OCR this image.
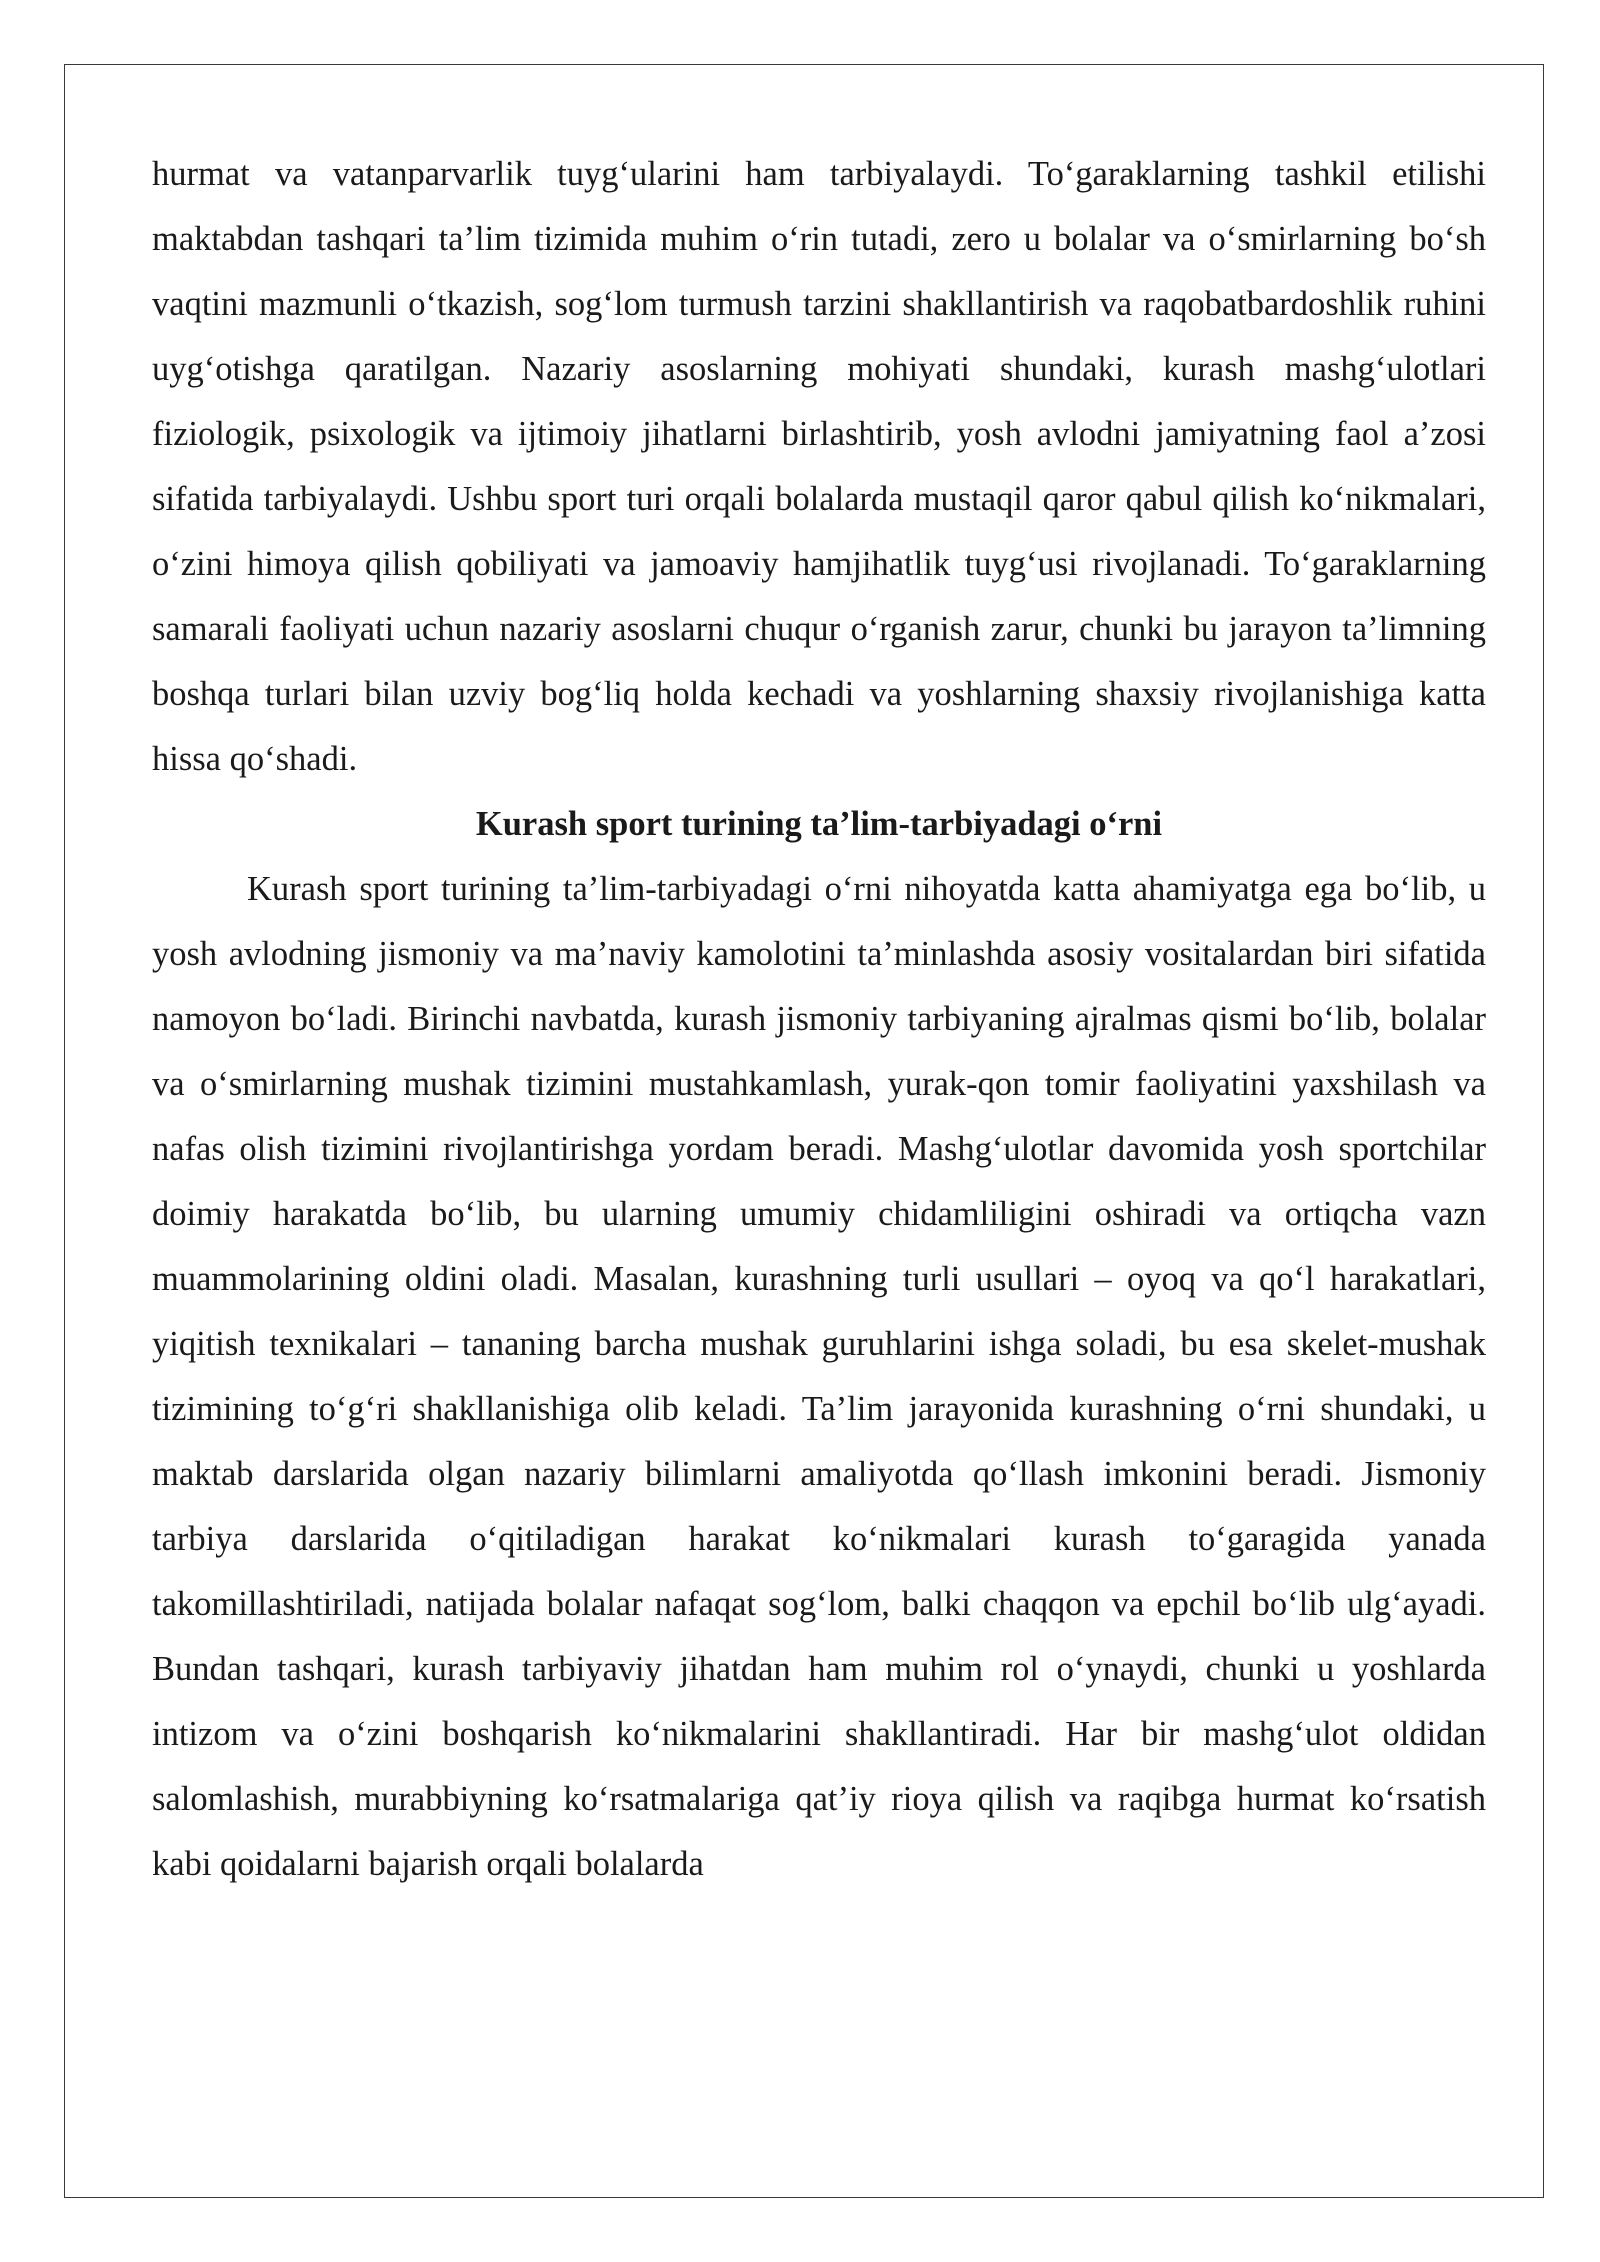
hurmat va vatanparvarlik tuyg‘ularini ham tarbiyalaydi. To‘garaklarning tashkil etilishi maktabdan tashqari ta’lim tizimida muhim o‘rin tutadi, zero u bolalar va o‘smirlarning bo‘sh vaqtini mazmunli o‘tkazish, sog‘lom turmush tarzini shakllantirish va raqobatbardoshlik ruhini uyg‘otishga qaratilgan. Nazariy asoslarning mohiyati shundaki, kurash mashg‘ulotlari fiziologik, psixologik va ijtimoiy jihatlarni birlashtirib, yosh avlodni jamiyatning faol a’zosi sifatida tarbiyalaydi. Ushbu sport turi orqali bolalarda mustaqil qaror qabul qilish ko‘nikmalari, o‘zini himoya qilish qobiliyati va jamoaviy hamjihatlik tuyg‘usi rivojlanadi. To‘garaklarning samarali faoliyati uchun nazariy asoslarni chuqur o‘rganish zarur, chunki bu jarayon ta’limning boshqa turlari bilan uzviy bog‘liq holda kechadi va yoshlarning shaxsiy rivojlanishiga katta hissa qo‘shadi.

Kurash sport turining ta’lim-tarbiyadagi o‘rni

Kurash sport turining ta’lim-tarbiyadagi o‘rni nihoyatda katta ahamiyatga ega bo‘lib, u yosh avlodning jismoniy va ma’naviy kamolotini ta’minlashda asosiy vositalardan biri sifatida namoyon bo‘ladi. Birinchi navbatda, kurash jismoniy tarbiyaning ajralmas qismi bo‘lib, bolalar va o‘smirlarning mushak tizimini mustahkamlash, yurak-qon tomir faoliyatini yaxshilash va nafas olish tizimini rivojlantirishga yordam beradi. Mashg‘ulotlar davomida yosh sportchilar doimiy harakatda bo‘lib, bu ularning umumiy chidamliligini oshiradi va ortiqcha vazn muammolarining oldini oladi. Masalan, kurashning turli usullari – oyoq va qo‘l harakatlari, yiqitish texnikalari – tananing barcha mushak guruhlarini ishga soladi, bu esa skelet-mushak tizimining to‘g‘ri shakllanishiga olib keladi. Ta’lim jarayonida kurashning o‘rni shundaki, u maktab darslarida olgan nazariy bilimlarni amaliyotda qo‘llash imkonini beradi. Jismoniy tarbiya darslarida o‘qitiladigan harakat ko‘nikmalari kurash to‘garagida yanada takomillashtiriladi, natijada bolalar nafaqat sog‘lom, balki chaqqon va epchil bo‘lib ulg‘ayadi. Bundan tashqari, kurash tarbiyaviy jihatdan ham muhim rol o‘ynaydi, chunki u yoshlarda intizom va o‘zini boshqarish ko‘nikmalarini shakllantiradi. Har bir mashg‘ulot oldidan salomlashish, murabbiyning ko‘rsatmalariga qat’iy rioya qilish va raqibga hurmat ko‘rsatish kabi qoidalarni bajarish orqali bolalarda
